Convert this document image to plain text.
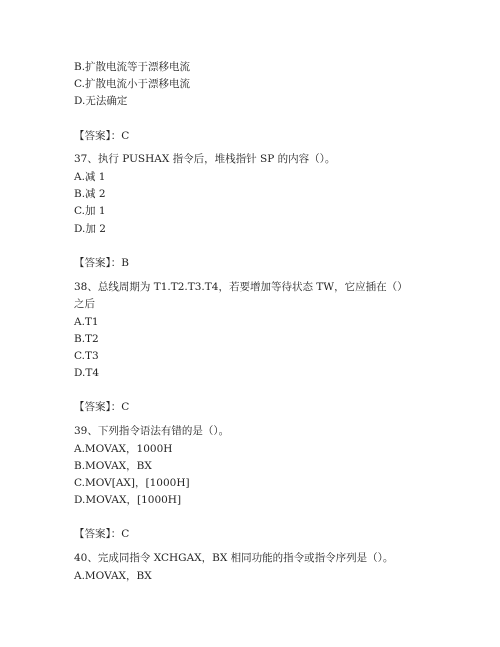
B.扩散电流等于漂移电流
C.扩散电流小于漂移电流
D.无法确定
【答案】：C
37、执行 PUSHAX 指令后，堆栈指针 SP 的内容（）。
A.减 1
B.减 2
C.加 1
D.加 2
【答案】：B
38、总线周期为 T1.T2.T3.T4，若要增加等待状态 TW，它应插在（）
之后
A.T1
B.T2
C.T3
D.T4
【答案】：C
39、下列指令语法有错的是（）。
A.MOVAX，1000H
B.MOVAX，BX
C.MOV[AX]，[1000H]
D.MOVAX，[1000H]
【答案】：C
40、完成同指令 XCHGAX，BX 相同功能的指令或指令序列是（）。
A.MOVAX，BX
